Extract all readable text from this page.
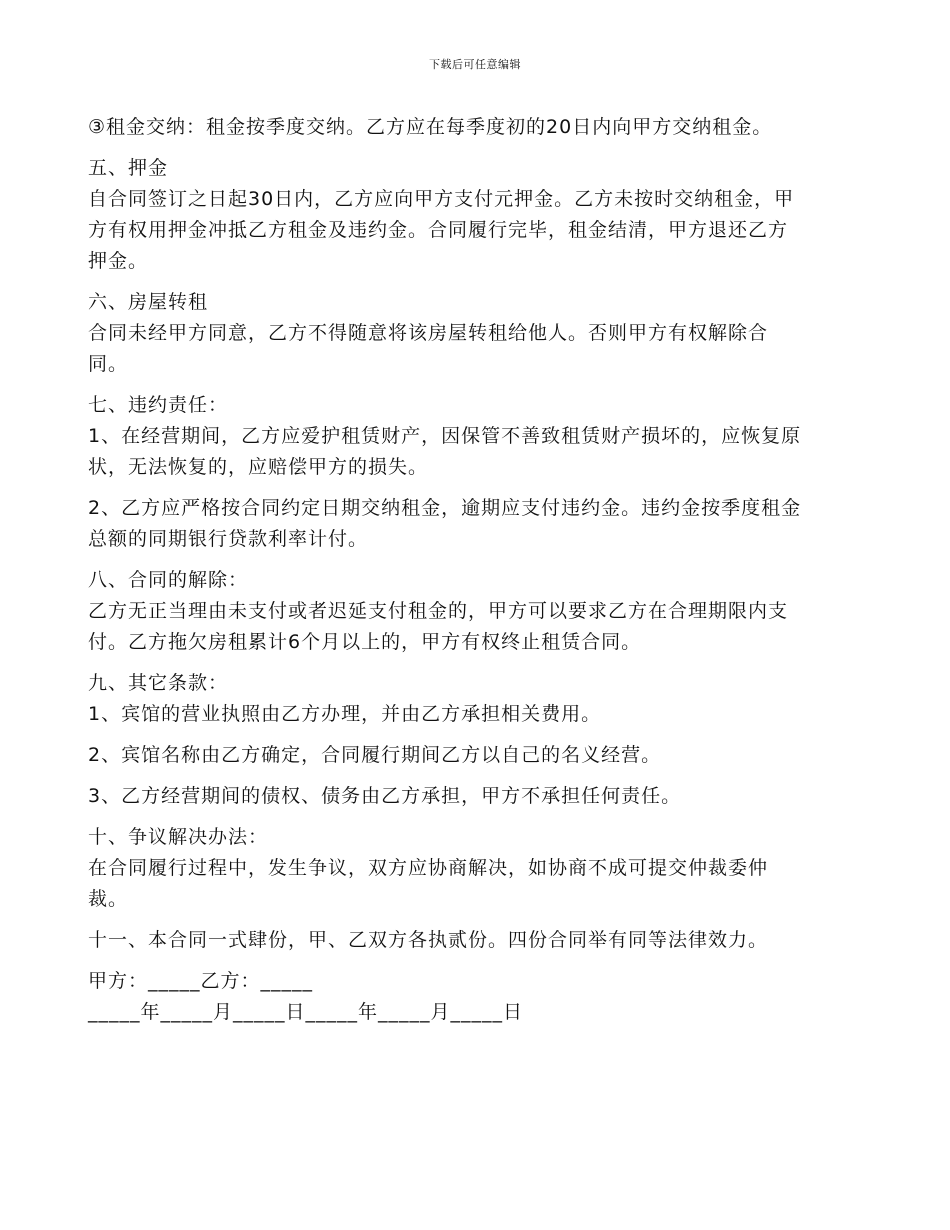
下载后可任意编辑
③租金交纳：租金按季度交纳。乙方应在每季度初的20日内向甲方交纳租金。
五、押金
自合同签订之日起30日内，乙方应向甲方支付元押金。乙方未按时交纳租金，甲
方有权用押金冲抵乙方租金及违约金。合同履行完毕，租金结清，甲方退还乙方
押金。
六、房屋转租
合同未经甲方同意，乙方不得随意将该房屋转租给他人。否则甲方有权解除合
同。
七、违约责任：
1、在经营期间，乙方应爱护租赁财产，因保管不善致租赁财产损坏的，应恢复原
状，无法恢复的，应赔偿甲方的损失。
2、乙方应严格按合同约定日期交纳租金，逾期应支付违约金。违约金按季度租金
总额的同期银行贷款利率计付。
八、合同的解除：
乙方无正当理由未支付或者迟延支付租金的，甲方可以要求乙方在合理期限内支
付。乙方拖欠房租累计6个月以上的，甲方有权终止租赁合同。
九、其它条款：
1、宾馆的营业执照由乙方办理，并由乙方承担相关费用。
2、宾馆名称由乙方确定，合同履行期间乙方以自己的名义经营。
3、乙方经营期间的债权、债务由乙方承担，甲方不承担任何责任。
十、争议解决办法：
在合同履行过程中，发生争议，双方应协商解决，如协商不成可提交仲裁委仲
裁。
十一、本合同一式肆份，甲、乙双方各执贰份。四份合同举有同等法律效力。
甲方：_____乙方：_____
_____年_____月_____日_____年_____月_____日
